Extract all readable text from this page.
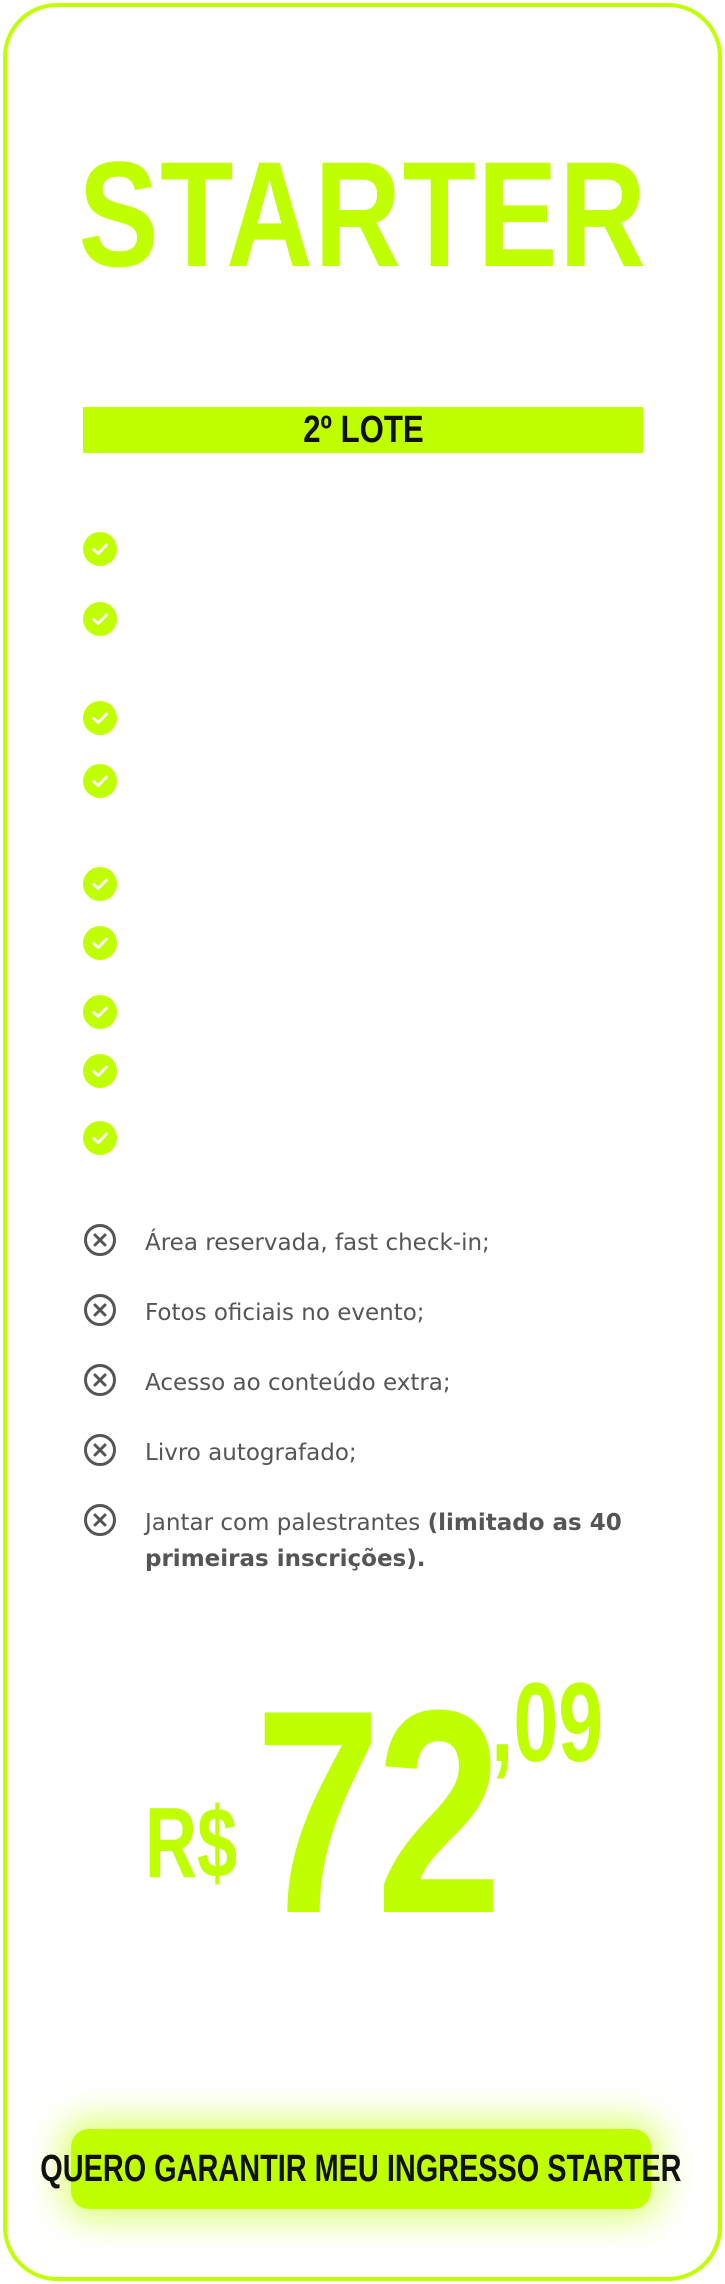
STARTER
2º LOTE
Área reservada, fast check-in;
Fotos oficiais no evento;
Acesso ao conteúdo extra;
Livro autografado;
Jantar com palestrantes (limitado as 40 primeiras inscrições).
R$ 72
,09
QUERO GARANTIR MEU INGRESSO STARTER
